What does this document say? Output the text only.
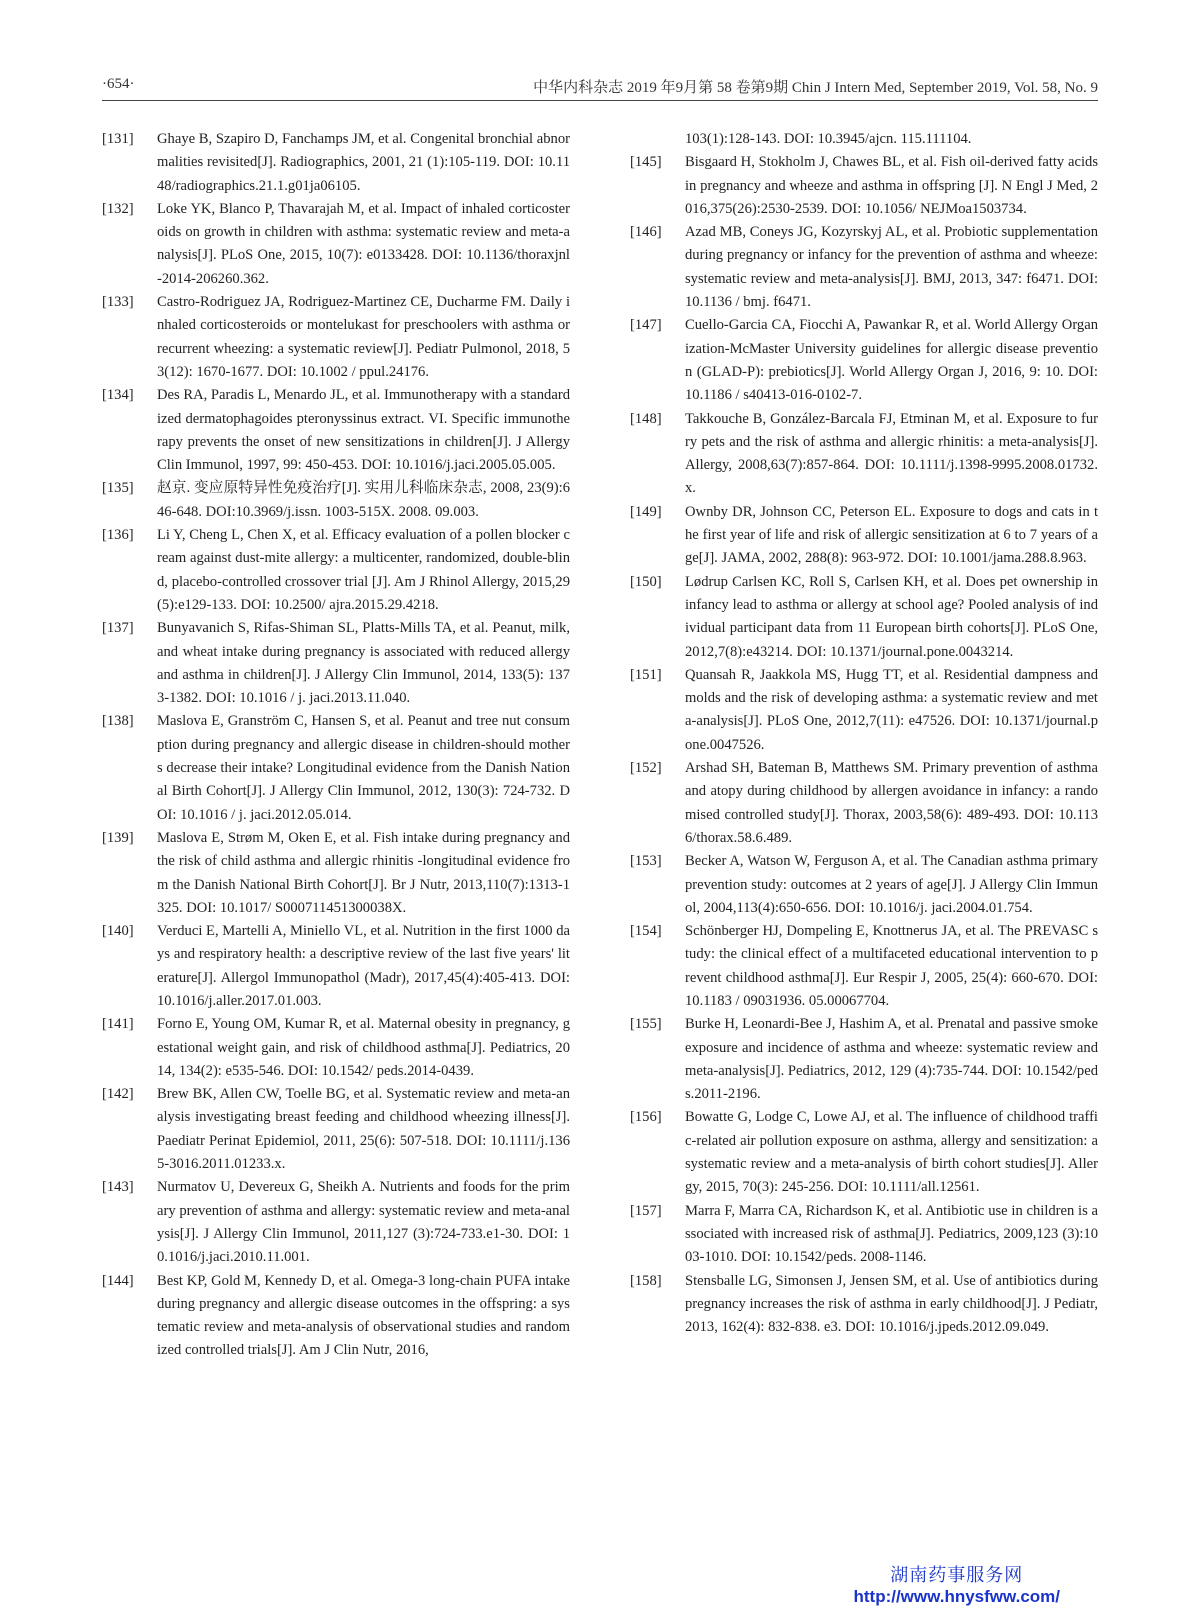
·654·	中华内科杂志 2019 年9月第 58 卷第9期 Chin J Intern Med, September 2019, Vol. 58, No. 9
[131]	Ghaye B, Szapiro D, Fanchamps JM, et al. Congenital bronchial abnormalities revisited[J]. Radiographics, 2001, 21 (1):105-119. DOI: 10.1148/radiographics.21.1.g01ja06105.
[132]	Loke YK, Blanco P, Thavarajah M, et al. Impact of inhaled corticosteroids on growth in children with asthma: systematic review and meta-analysis[J]. PLoS One, 2015, 10(7): e0133428. DOI: 10.1136/thoraxjnl-2014-206260.362.
[133]	Castro-Rodriguez JA, Rodriguez-Martinez CE, Ducharme FM. Daily inhaled corticosteroids or montelukast for preschoolers with asthma or recurrent wheezing: a systematic review[J]. Pediatr Pulmonol, 2018, 53(12): 1670-1677. DOI: 10.1002 / ppul.24176.
[134]	Des RA, Paradis L, Menardo JL, et al. Immunotherapy with a standardized dermatophagoides pteronyssinus extract. VI. Specific immunotherapy prevents the onset of new sensitizations in children[J]. J Allergy Clin Immunol, 1997, 99: 450-453. DOI: 10.1016/j.jaci.2005.05.005.
[135]	赵京. 变应原特异性免疫治疗[J]. 实用儿科临床杂志, 2008, 23(9):646-648. DOI:10.3969/j.issn. 1003-515X. 2008. 09.003.
[136]	Li Y, Cheng L, Chen X, et al. Efficacy evaluation of a pollen blocker cream against dust-mite allergy: a multicenter, randomized, double-blind, placebo-controlled crossover trial [J]. Am J Rhinol Allergy, 2015,29(5):e129-133. DOI: 10.2500/ ajra.2015.29.4218.
[137]	Bunyavanich S, Rifas-Shiman SL, Platts-Mills TA, et al. Peanut, milk, and wheat intake during pregnancy is associated with reduced allergy and asthma in children[J]. J Allergy Clin Immunol, 2014, 133(5): 1373-1382. DOI: 10.1016 / j. jaci.2013.11.040.
[138]	Maslova E, Granström C, Hansen S, et al. Peanut and tree nut consumption during pregnancy and allergic disease in children-should mothers decrease their intake? Longitudinal evidence from the Danish National Birth Cohort[J]. J Allergy Clin Immunol, 2012, 130(3): 724-732. DOI: 10.1016 / j. jaci.2012.05.014.
[139]	Maslova E, Strøm M, Oken E, et al. Fish intake during pregnancy and the risk of child asthma and allergic rhinitis -longitudinal evidence from the Danish National Birth Cohort[J]. Br J Nutr, 2013,110(7):1313-1325. DOI: 10.1017/ S000711451300038X.
[140]	Verduci E, Martelli A, Miniello VL, et al. Nutrition in the first 1000 days and respiratory health: a descriptive review of the last five years' literature[J]. Allergol Immunopathol (Madr), 2017,45(4):405-413. DOI: 10.1016/j.aller.2017.01.003.
[141]	Forno E, Young OM, Kumar R, et al. Maternal obesity in pregnancy, gestational weight gain, and risk of childhood asthma[J]. Pediatrics, 2014, 134(2): e535-546. DOI: 10.1542/ peds.2014-0439.
[142]	Brew BK, Allen CW, Toelle BG, et al. Systematic review and meta-analysis investigating breast feeding and childhood wheezing illness[J]. Paediatr Perinat Epidemiol, 2011, 25(6): 507-518. DOI: 10.1111/j.1365-3016.2011.01233.x.
[143]	Nurmatov U, Devereux G, Sheikh A. Nutrients and foods for the primary prevention of asthma and allergy: systematic review and meta-analysis[J]. J Allergy Clin Immunol, 2011,127 (3):724-733.e1-30. DOI: 10.1016/j.jaci.2010.11.001.
[144]	Best KP, Gold M, Kennedy D, et al. Omega-3 long-chain PUFA intake during pregnancy and allergic disease outcomes in the offspring: a systematic review and meta-analysis of observational studies and randomized controlled trials[J]. Am J Clin Nutr, 2016,
103(1):128-143. DOI: 10.3945/ajcn. 115.111104.
[145]	Bisgaard H, Stokholm J, Chawes BL, et al. Fish oil-derived fatty acids in pregnancy and wheeze and asthma in offspring [J]. N Engl J Med, 2016,375(26):2530-2539. DOI: 10.1056/ NEJMoa1503734.
[146]	Azad MB, Coneys JG, Kozyrskyj AL, et al. Probiotic supplementation during pregnancy or infancy for the prevention of asthma and wheeze: systematic review and meta-analysis[J]. BMJ, 2013, 347: f6471. DOI: 10.1136 / bmj. f6471.
[147]	Cuello-Garcia CA, Fiocchi A, Pawankar R, et al. World Allergy Organization-McMaster University guidelines for allergic disease prevention (GLAD-P): prebiotics[J]. World Allergy Organ J, 2016, 9: 10. DOI: 10.1186 / s40413-016-0102-7.
[148]	Takkouche B, González-Barcala FJ, Etminan M, et al. Exposure to furry pets and the risk of asthma and allergic rhinitis: a meta-analysis[J]. Allergy, 2008,63(7):857-864. DOI: 10.1111/j.1398-9995.2008.01732.x.
[149]	Ownby DR, Johnson CC, Peterson EL. Exposure to dogs and cats in the first year of life and risk of allergic sensitization at 6 to 7 years of age[J]. JAMA, 2002, 288(8): 963-972. DOI: 10.1001/jama.288.8.963.
[150]	Lødrup Carlsen KC, Roll S, Carlsen KH, et al. Does pet ownership in infancy lead to asthma or allergy at school age? Pooled analysis of individual participant data from 11 European birth cohorts[J]. PLoS One, 2012,7(8):e43214. DOI: 10.1371/journal.pone.0043214.
[151]	Quansah R, Jaakkola MS, Hugg TT, et al. Residential dampness and molds and the risk of developing asthma: a systematic review and meta-analysis[J]. PLoS One, 2012,7(11): e47526. DOI: 10.1371/journal.pone.0047526.
[152]	Arshad SH, Bateman B, Matthews SM. Primary prevention of asthma and atopy during childhood by allergen avoidance in infancy: a randomised controlled study[J]. Thorax, 2003,58(6): 489-493. DOI: 10.1136/thorax.58.6.489.
[153]	Becker A, Watson W, Ferguson A, et al. The Canadian asthma primary prevention study: outcomes at 2 years of age[J]. J Allergy Clin Immunol, 2004,113(4):650-656. DOI: 10.1016/j. jaci.2004.01.754.
[154]	Schönberger HJ, Dompeling E, Knottnerus JA, et al. The PREVASC study: the clinical effect of a multifaceted educational intervention to prevent childhood asthma[J]. Eur Respir J, 2005, 25(4): 660-670. DOI: 10.1183 / 09031936. 05.00067704.
[155]	Burke H, Leonardi-Bee J, Hashim A, et al. Prenatal and passive smoke exposure and incidence of asthma and wheeze: systematic review and meta-analysis[J]. Pediatrics, 2012, 129 (4):735-744. DOI: 10.1542/peds.2011-2196.
[156]	Bowatte G, Lodge C, Lowe AJ, et al. The influence of childhood traffic-related air pollution exposure on asthma, allergy and sensitization: a systematic review and a meta-analysis of birth cohort studies[J]. Allergy, 2015, 70(3): 245-256. DOI: 10.1111/all.12561.
[157]	Marra F, Marra CA, Richardson K, et al. Antibiotic use in children is associated with increased risk of asthma[J]. Pediatrics, 2009,123 (3):1003-1010. DOI: 10.1542/peds. 2008-1146.
[158]	Stensballe LG, Simonsen J, Jensen SM, et al. Use of antibiotics during pregnancy increases the risk of asthma in early childhood[J]. J Pediatr, 2013, 162(4): 832-838. e3. DOI: 10.1016/j.jpeds.2012.09.049.
湖南药事服务网
http://www.hnysfww.com/
